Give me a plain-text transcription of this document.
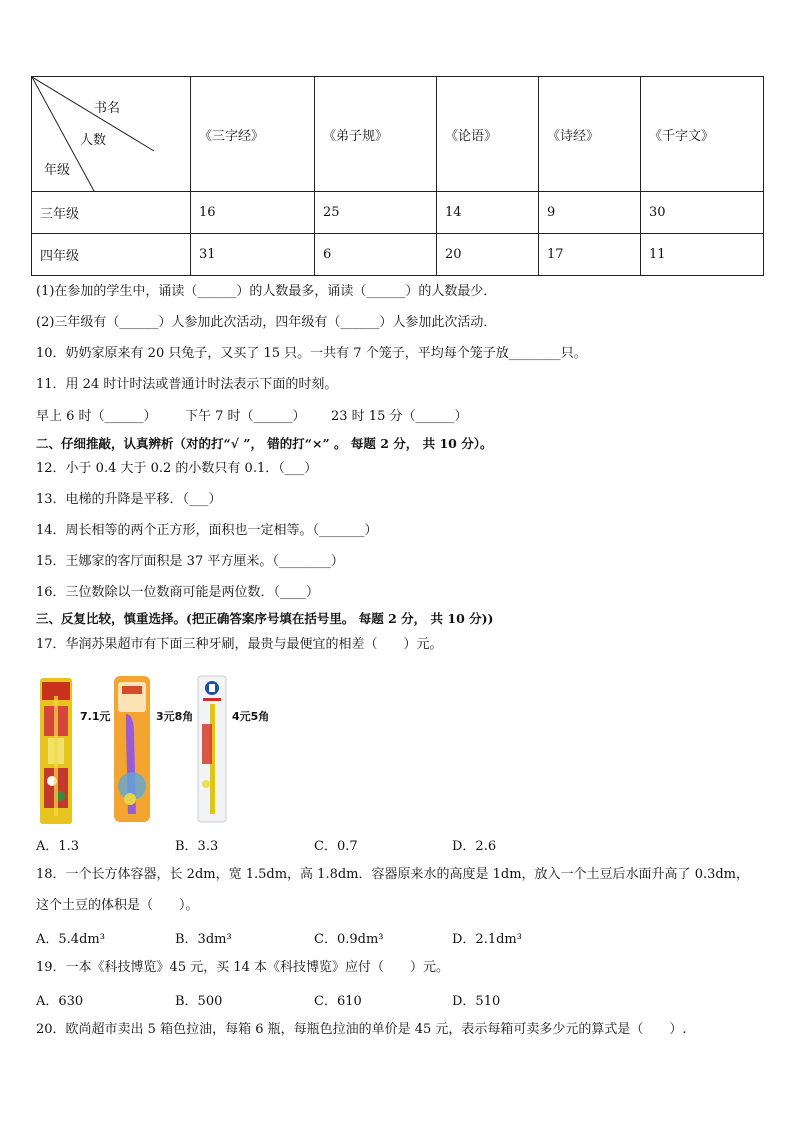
书名
人数
年级	《三字经》	《弟子规》	《论语》	《诗经》	《千字文》
三年级	16	25	14	9	30
四年级	31	6	20	17	11
(1)在参加的学生中，诵读（______）的人数最多，诵读（______）的人数最少．
(2)三年级有（______）人参加此次活动，四年级有（______）人参加此次活动．
10．奶奶家原来有 20 只兔子，又买了 15 只。一共有 7 个笼子，平均每个笼子放________只。
11．用 24 时计时法或普通计时法表示下面的时刻。
早上 6 时（______） 下午 7 时（______） 23 时 15 分（______）
二、仔细推敲，认真辨析（对的打“√ ”， 错的打“×” 。 每题 2 分， 共 10 分）。
12．小于 0.4 大于 0.2 的小数只有 0.1．（___）
13．电梯的升降是平移．（___）
14．周长相等的两个正方形，面积也一定相等。（_______）
15．王娜家的客厅面积是 37 平方厘米。（________）
16．三位数除以一位数商可能是两位数．（____）
三、反复比较，慎重选择。(把正确答案序号填在括号里。 每题 2 分， 共 10 分))
17．华润苏果超市有下面三种牙刷，最贵与最便宜的相差（　　）元。
7.1元	3元8角	4元5角
A．1.3	B．3.3	C．0.7	D．2.6
18．一个长方体容器，长 2dm，宽 1.5dm，高 1.8dm．容器原来水的高度是 1dm，放入一个土豆后水面升高了 0.3dm，
这个土豆的体积是（　　）。
A．5.4dm³	B．3dm³	C．0.9dm³	D．2.1dm³
19．一本《科技博览》45 元，买 14 本《科技博览》应付（　　）元。
A．630	B．500	C．610	D．510
20．欧尚超市卖出 5 箱色拉油，每箱 6 瓶，每瓶色拉油的单价是 45 元，表示每箱可卖多少元的算式是（　　）.
